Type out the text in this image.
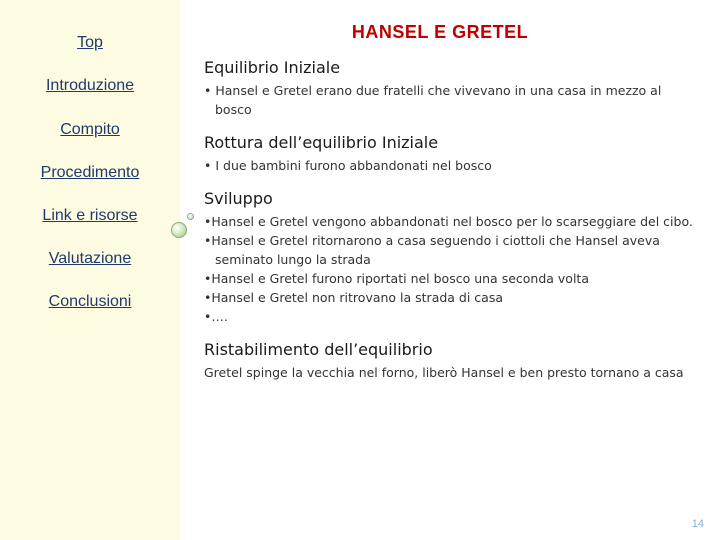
Top
Introduzione
Compito
Procedimento
Link e risorse
Valutazione
Conclusioni
HANSEL E GRETEL
Equilibrio Iniziale
• Hansel e Gretel erano due fratelli che vivevano in una casa in mezzo al bosco
Rottura dell’equilibrio Iniziale
• I due bambini furono abbandonati nel bosco
Sviluppo
•Hansel e Gretel vengono abbandonati nel bosco per lo scarseggiare del cibo.
•Hansel e Gretel ritornarono a casa seguendo i ciottoli che Hansel aveva seminato lungo la strada
•Hansel e Gretel furono riportati nel bosco una seconda volta
•Hansel e Gretel non ritrovano la strada di casa
•….
Ristabilimento dell’equilibrio
Gretel spinge la vecchia nel forno, liberò Hansel e ben presto tornano a casa
14
